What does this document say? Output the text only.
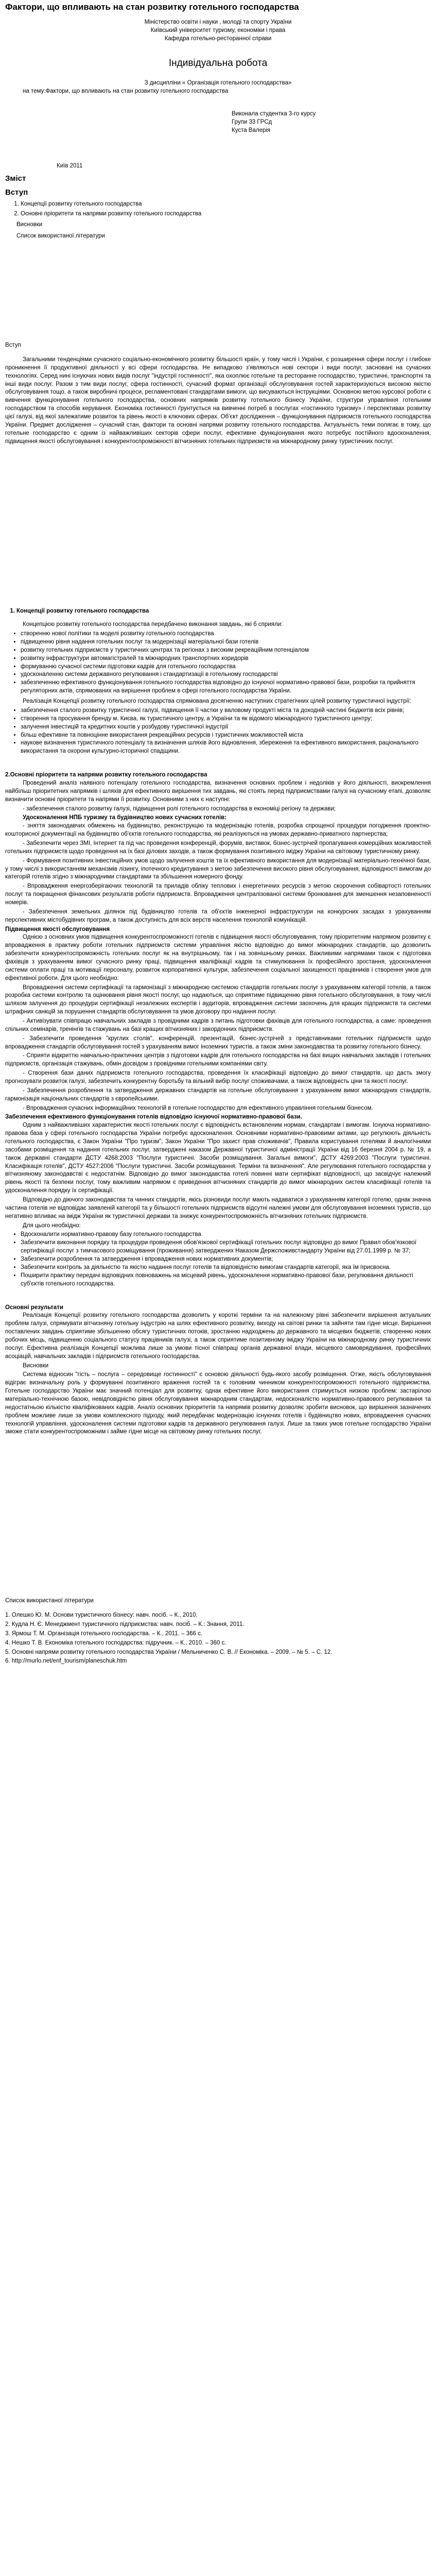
Фактори, що впливають на стан розвитку готельного господарства

Міністерство освіти і науки , молоді та спорту України

Київський університет туризму, економіки і права

Кафедра готельно-ресторанної справи

Індивідуальна робота

З дисципліни « Організація готельного господарства»

на тему:Фактори, що впливають на стан розвитку готельного господарства

Виконала студентка 3-го курсу

Групи 33 ГРСд

Куста Валерія

Київ 2011

Зміст
Вступ
1. Концепції розвитку готельного господарства
2. Основні пріоритети та напрями розвитку готельного господарства

Висновки

Список використаної літератури

Вступ

Загальними тенденціями сучасного соціально-економічного розвитку більшості країн, у тому числі і України, є розширення сфери послуг і глибоке проникнення її продуктивної діяльності у всі сфери господарства. Не випадково з'являються нові сектори і види послуг, засновані на сучасних технологіях. Серед нині існуючих нових видів послуг "індустрії гостинності", яка охоплює готельне та ресторанне господарство, туристичні, транспортні та інші види послуг. Разом з тим види послуг, сфера гостинності, сучасний формат організації обслуговування гостей характеризуються високою якістю обслуговування тощо, а також виробничі процеси, регламентовані стандартами вимоги, що висуваються інструкціями. Основною метою курсової роботи є вивчення функціонування готельного господарства, основних напрямків розвитку готельного бізнесу України, структури управління готельним господарством та способів керування. Економіка гостинності ґрунтується на вивченні потреб в послугах «гостинного туризму» і перспективах розвитку цієї галузі, від якої залежатиме розвиток та рівень якості в ключових сферах. Об'єкт дослідження – функціонування підприємств готельного господарства України. Предмет дослідження – сучасний стан, фактори та основні напрями розвитку готельного господарства. Актуальність теми полягає в тому, що готельне господарство є одним із найважливіших секторів сфери послуг, ефективне функціонування якого потребує постійного вдосконалення, підвищення якості обслуговування і конкурентоспроможності вітчизняних готельних підприємств на міжнародному ринку туристичних послуг.

1. Концепції розвитку готельного господарства

Концепцією розвитку готельного господарства передбачено виконання завдань, які б сприяли:

• створенню нової політики та моделі розвитку готельного господарства
• підвищенню рівня надання готельних послуг та модернізації матеріальної бази готелів
• розвитку готельних підприємств у туристичних центрах та регіонах з високим рекреаційним потенціалом
• розвитку інфраструктури автомагістралей та міжнародних транспортних коридорів
• формуванню сучасної системи підготовки кадрів для готельного господарства
• удосконаленню системи державного регулювання і стандартизації в готельному господарстві
• забезпеченню ефективного функціонування готельного господарства відповідно до існуючої нормативно-правової бази, розробки та прийняття регуляторних актів, спрямованих на вирішення проблем в сфері готельного господарства України.

Реалізація Концепції розвитку готельного господарства спрямована досягненню наступних стратегічних цілей розвитку туристичної індустрії:

• забезпечення сталого розвитку туристичної галузі, підвищення її частки у валовому продукті міста та доходній частині бюджетів всіх рівнів;
• створення та просування бренду м. Києва, як туристичного центру, а України та як відомого міжнародного туристичного центру;
• залучення інвестицій та кредитних коштів у розбудову туристичної індустрії
• більш ефективне та повноцінне використання рекреаційних ресурсів і туристичних можливостей міста
• наукове визначення туристичного потенціалу та визначення шляхів його відновлення, збереження та ефективного використання, раціонального використання та охорони культурно-історичної спадщини.

2.Основні пріоритети та напрями розвитку готельного господарства

Проведений аналіз наявного потенціалу готельного господарства, визначення основних проблем і недоліків у його діяльності, виокремлення найбільш пріоритетних напрямків і шляхів для ефективного вирішення тих завдань, які стоять перед підприємствами галузі на сучасному етапі, дозволяє визначити основні пріоритети та напрями її розвитку. Основними з них є наступні:

- забезпечення сталого розвитку галузі, підвищення ролі готельного господарства в економіці регіону та держави;

Удосконалення НПБ туризму та будівництво нових сучасних готелів:

- зняття законодавчих обмежень на будівництво, реконструкцію та модернізацію готелів, розробка спрощеної процедури погодження проектно-кошторисної документації на будівництво об'єктів готельного господарства, які реалізуються на умовах державно-приватного партнерства;

- Забезпечити через ЗМІ, Інтернет та під час проведення конференцій, форумів, виставок, бізнес-зустрічей пропагування комерційних можливостей готельних підприємств щодо проведення на їх базі ділових заходів, а також формування позитивного іміджу України на світовому туристичному ринку.

- Формування позитивних інвестиційних умов щодо залучення коштів та їх ефективного використання для модернізації матеріально-технічної бази, у тому числі з використанням механізмів лізингу, іпотечного кредитування з метою забезпечення високого рівня обслуговування, відповідності вимогам до категорій готелів згідно з міжнародними стандартами та збільшення номерного фонду.

- Впровадження енергозберігаючих технологій та приладів обліку теплових і енергетичних ресурсів з метою скорочення собівартості готельних послуг та покращення фінансових результатів роботи підприємств. Впровадження централізованої системи бронювання для зменшення незаповненості номерів.

- Забезпечення земельних ділянок під будівництво готелів та об'єктів інженерної інфраструктури на конкурсних засадах з урахуванням перспективних містобудівних програм, а також доступність для всіх верств населення технологій комунікацій.

Підвищення якості обслуговування

Однією з основних умов підвищення конкурентоспроможності готелів є підвищення якості обслуговування, тому пріоритетним напрямом розвитку є впровадження в практику роботи готельних підприємств системи управління якістю відповідно до вимог міжнародних стандартів, що дозволить забезпечити конкурентоспроможність готельних послуг як на внутрішньому, так і на зовнішньому ринках. Важливими напрямами також є підготовка фахівців з урахуванням вимог сучасного ринку праці, підвищення кваліфікації кадрів та стимулювання їх професійного зростання, удосконалення системи оплати праці та мотивації персоналу, розвиток корпоративної культури, забезпечення соціальної захищеності працівників і створення умов для ефективної роботи. Для цього необхідно:

Впровадження системи сертифікації та гармонізації з міжнародною системою стандартів готельних послуг з урахуванням категорії готелів, а також розробка системи контролю та оцінювання рівня якості послуг, що надаються, що сприятиме підвищенню рівня готельного обслуговування, в тому числі шляхом залучення до процедури сертифікації незалежних експертів і аудиторів, впровадження системи заохочень для кращих підприємств та системи штрафних санкцій за порушення стандартів обслуговування та умов договору про надання послуг.

- Активізувати співпрацю навчальних закладів з провідними кадрів з питань підготовки фахівців для готельного господарства, а саме: проведення спільних семінарів, тренінгів та стажувань на базі кращих вітчизняних і закордонних підприємств.

- Забезпечити проведення "круглих столів", конференцій, презентацій, бізнес-зустрічей з представниками готельних підприємств щодо впровадження стандартів обслуговування гостей з урахуванням вимог іноземних туристів, а також зміни законодавства та розвитку готельного бізнесу.

- Сприяти відкриттю навчально-практичних центрів з підготовки кадрів для готельного господарства на базі вищих навчальних закладів і готельних підприємств, організація стажувань, обмін досвідом з провідними готельними компаніями світу.

- Створення бази даних підприємств готельного господарства, проведення їх класифікації відповідно до вимог стандартів, що дасть змогу прогнозувати розвиток галузі, забезпечить конкурентну боротьбу та вільний вибір послуг споживачами, а також відповідність ціни та якості послуг.

- Забезпечення розроблення та затвердження державних стандартів на готельне обслуговування з урахуванням вимог міжнародних стандартів, гармонізація національних стандартів з європейськими.

- Впровадження сучасних інформаційних технологій в готельне господарство для ефективного управління готельним бізнесом.

Забезпечення ефективного функціонування готелів відповідно існуючої нормативно-правової бази.

Одним з найважливіших характеристик якості готельних послуг є відповідність встановленим нормам, стандартам і вимогам. Існуюча нормативно-правова база у сфері готельного господарства України потребує вдосконалення. Основними нормативно-правовими актами, що регулюють діяльність готельного господарства, є Закон України "Про туризм", Закон України "Про захист прав споживачів", Правила користування готелями й аналогічними засобами розміщення та надання готельних послуг, затверджені наказом Державної туристичної адміністрації України від 16 березня 2004 р. № 19, а також державні стандарти ДСТУ 4268:2003 "Послуги туристичні. Засоби розміщування. Загальні вимоги", ДСТУ 4269:2003 "Послуги туристичні. Класифікація готелів", ДСТУ 4527:2006 "Послуги туристичні. Засоби розміщування. Терміни та визначення". Але регулювання готельного господарства у вітчизняному законодавстві є недостатнім. Відповідно до вимог законодавства готелі повинні мати сертифікат відповідності, що засвідчує належний рівень якості та безпеки послуг, тому важливим напрямом є приведення вітчизняних стандартів до вимог міжнародних систем класифікації готелів та удосконалення порядку їх сертифікації.

Відповідно до діючого законодавства та чинних стандартів, якісь різновиди послуг мають надаватися з урахуванням категорії готелю, однак значна частина готелів не відповідає заявленій категорії та у більшості готельних підприємств відсутні належні умови для обслуговування іноземних туристів, що негативно впливає на імідж України як туристичної держави та знижує конкурентоспроможність вітчизняних готельних підприємств.

Для цього необхідно:

• Вдосконалити нормативно-правову базу готельного господарства
• Забезпечити виконання порядку та процедури проведення обов'язкової сертифікації готельних послуг відповідно до вимог Правил обов'язкової сертифікації послуг з тимчасового розміщування (проживання) затверджених Наказом Держспоживстандарту України від 27.01.1999 р. № 37;
• Забезпечити розроблення та затвердження і впровадження нових нормативних документів;
• Забезпечити контроль за діяльністю та якістю надання послуг готелів та відповідністю вимогам стандартів категорії, яка їм присвоєна.
• Поширити практику передачі відповідних повноважень на місцевий рівень, удосконалення нормативно-правової бази, регулювання діяльності суб'єктів готельного господарства.

Основні результати

Реалізація Концепції розвитку готельного господарства дозволить у короткі терміни та на належному рівні забезпечити вирішення актуальних проблем галузі, спрямувати вітчизняну готельну індустрію на шлях ефективного розвитку, виходу на світові ринки та зайняти там гідне місце. Вирішення поставлених завдань сприятиме збільшенню обсягу туристичних потоків, зростанню надходжень до державного та місцевих бюджетів, створенню нових робочих місць, підвищенню соціального статусу працівників галузі, а також сприятиме позитивному іміджу України на міжнародному ринку туристичних послуг. Ефективна реалізація Концепції можлива лише за умови тісної співпраці органів державної влади, місцевого самоврядування, професійних асоціацій, навчальних закладів і підприємств готельного господарства.

Висновки

Система відносин "гість – послуга – середовище гостинності" є основою діяльності будь-якого засобу розміщення. Отже, якість обслуговування відіграє визначальну роль у формуванні позитивного враження гостей та є головним чинником конкурентоспроможності готельного підприємства. Готельне господарство України має значний потенціал для розвитку, однак ефективне його використання стримується низкою проблем: застарілою матеріально-технічною базою, невідповідністю рівня обслуговування міжнародним стандартам, недосконалістю нормативно-правового регулювання та недостатньою кількістю кваліфікованих кадрів. Аналіз основних пріоритетів та напрямів розвитку дозволяє зробити висновок, що вирішення зазначених проблем можливе лише за умови комплексного підходу, який передбачає модернізацію існуючих готелів і будівництво нових, впровадження сучасних технологій управління, удосконалення системи підготовки кадрів та державного регулювання галузі. Лише за таких умов готельне господарство України зможе стати конкурентоспроможним і займе гідне місце на світовому ринку готельних послуг.

Список використаної літератури

1. Олешко Ю. М. Основи туристичного бізнесу: навч. посіб. – К., 2010.

2. Кудла Н. Є. Менеджмент туристичного підприємства: навч. посіб. – К.: Знання, 2011.

3. Ярмош Т. М. Організація готельного господарства. – К., 2011. – 366 с.

4. Нешко Т. В. Економіка готельного господарства: підручник. – К., 2010. – 360 с.

5. Основні напрями розвитку готельного господарства України / Мельниченко С. В. // Економіка. – 2009. – № 5. – С. 12.

6. http://murlo.net/enf_tourism/planeschuk.htm
